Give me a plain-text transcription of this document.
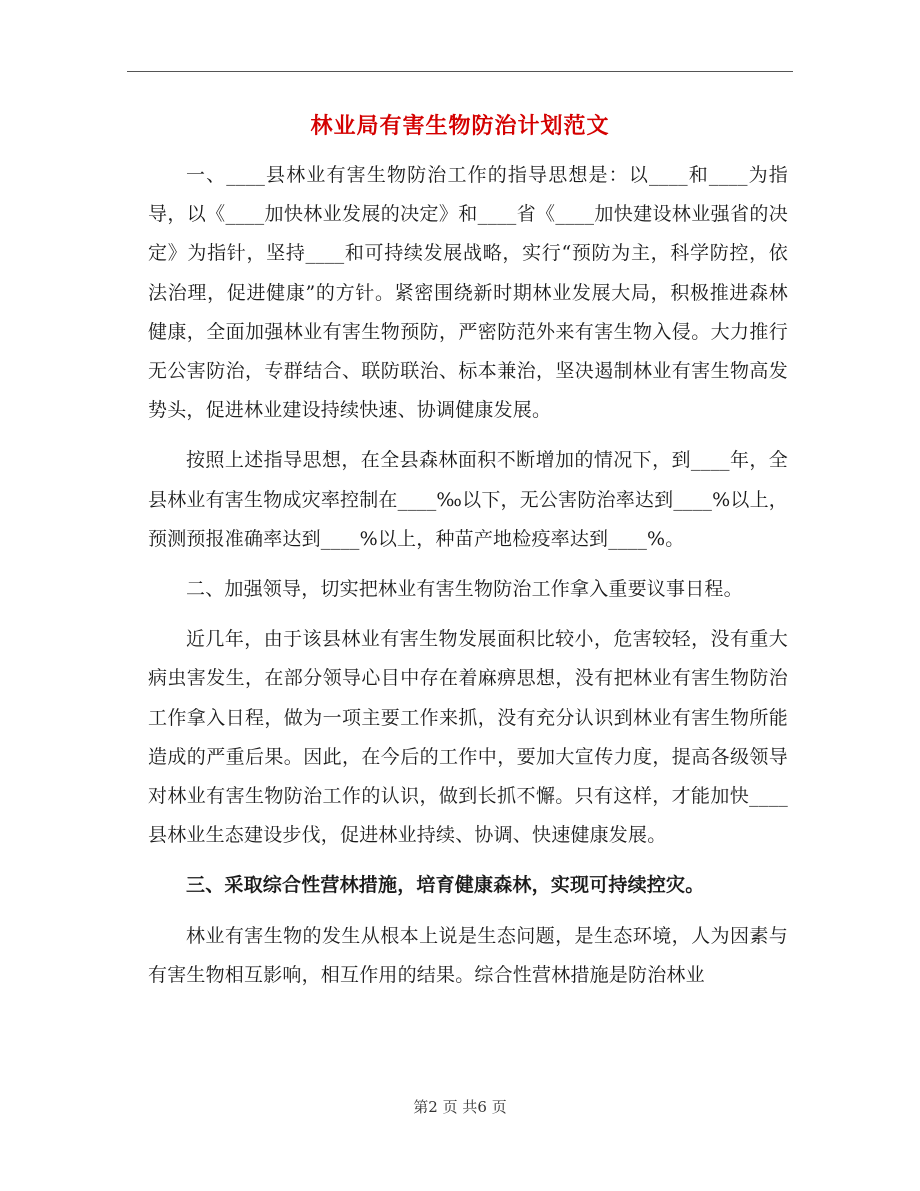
林业局有害生物防治计划范文

一、____县林业有害生物防治工作的指导思想是：以____和____为指导，以《____加快林业发展的决定》和____省《____加快建设林业强省的决定》为指针，坚持____和可持续发展战略，实行“预防为主，科学防控，依法治理，促进健康”的方针。紧密围绕新时期林业发展大局，积极推进森林健康，全面加强林业有害生物预防，严密防范外来有害生物入侵。大力推行无公害防治，专群结合、联防联治、标本兼治，坚决遏制林业有害生物高发势头，促进林业建设持续快速、协调健康发展。

按照上述指导思想，在全县森林面积不断增加的情况下，到____年，全县林业有害生物成灾率控制在____‰以下，无公害防治率达到____%以上，预测预报准确率达到____%以上，种苗产地检疫率达到____%。

二、加强领导，切实把林业有害生物防治工作拿入重要议事日程。

近几年，由于该县林业有害生物发展面积比较小，危害较轻，没有重大病虫害发生，在部分领导心目中存在着麻痹思想，没有把林业有害生物防治工作拿入日程，做为一项主要工作来抓，没有充分认识到林业有害生物所能造成的严重后果。因此，在今后的工作中，要加大宣传力度，提高各级领导对林业有害生物防治工作的认识，做到长抓不懈。只有这样，才能加快____县林业生态建设步伐，促进林业持续、协调、快速健康发展。

三、采取综合性营林措施，培育健康森林，实现可持续控灾。

林业有害生物的发生从根本上说是生态问题，是生态环境，人为因素与有害生物相互影响，相互作用的结果。综合性营林措施是防治林业

第2 页 共6 页
